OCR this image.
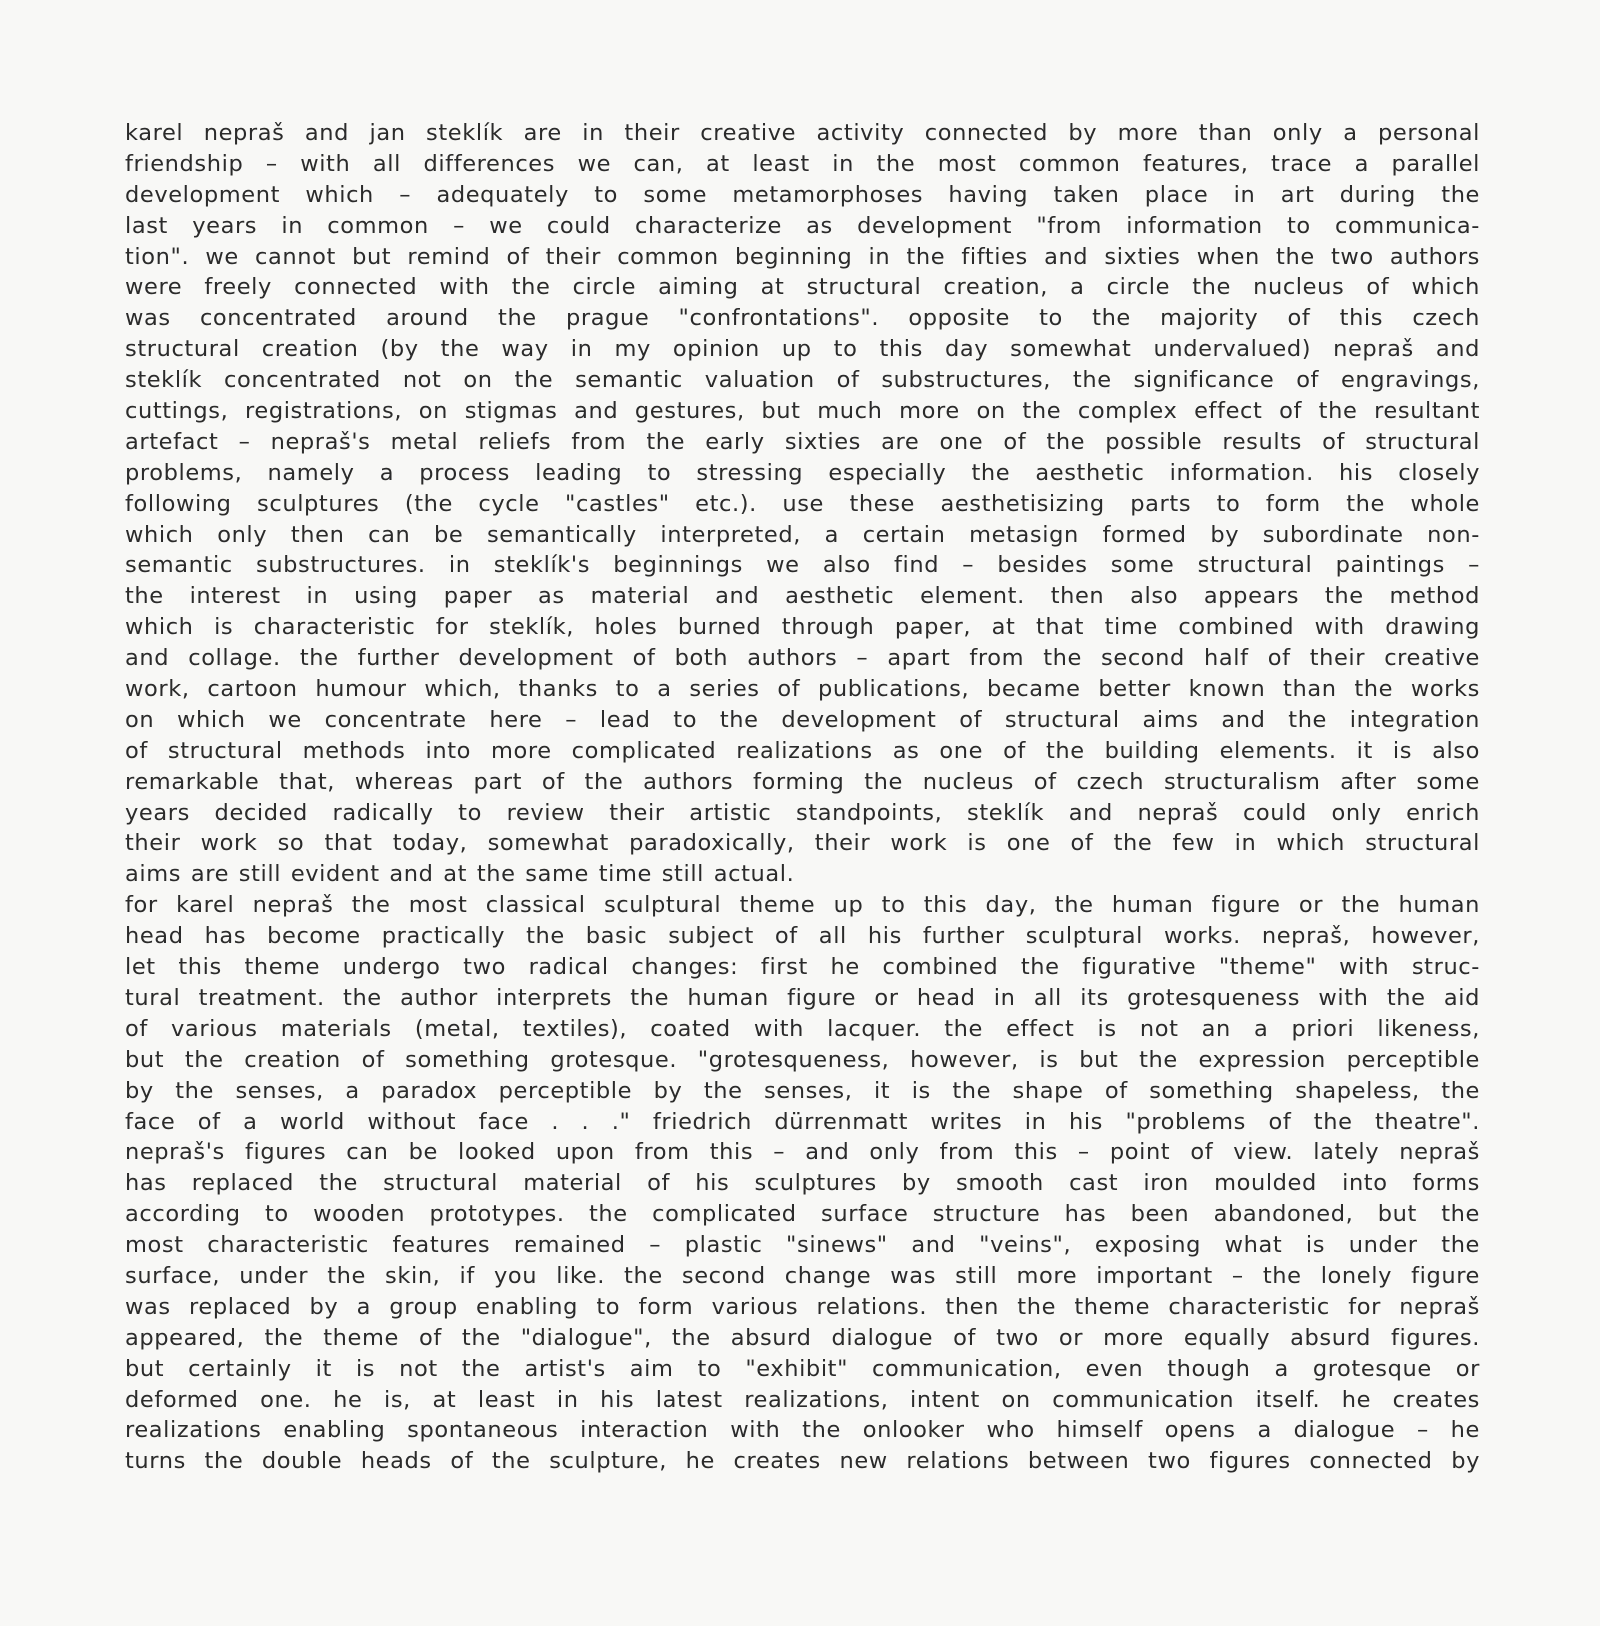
karel nepraš and jan steklík are in their creative activity connected by more than only a personal
friendship – with all differences we can, at least in the most common features, trace a parallel
development which – adequately to some metamorphoses having taken place in art during the
last years in common – we could characterize as development "from information to communica-
tion". we cannot but remind of their common beginning in the fifties and sixties when the two authors
were freely connected with the circle aiming at structural creation, a circle the nucleus of which
was concentrated around the prague "confrontations". opposite to the majority of this czech
structural creation (by the way in my opinion up to this day somewhat undervalued) nepraš and
steklík concentrated not on the semantic valuation of substructures, the significance of engravings,
cuttings, registrations, on stigmas and gestures, but much more on the complex effect of the resultant
artefact – nepraš's metal reliefs from the early sixties are one of the possible results of structural
problems, namely a process leading to stressing especially the aesthetic information. his closely
following sculptures (the cycle "castles" etc.). use these aesthetisizing parts to form the whole
which only then can be semantically interpreted, a certain metasign formed by subordinate non-
semantic substructures. in steklík's beginnings we also find – besides some structural paintings –
the interest in using paper as material and aesthetic element. then also appears the method
which is characteristic for steklík, holes burned through paper, at that time combined with drawing
and collage. the further development of both authors – apart from the second half of their creative
work, cartoon humour which, thanks to a series of publications, became better known than the works
on which we concentrate here – lead to the development of structural aims and the integration
of structural methods into more complicated realizations as one of the building elements. it is also
remarkable that, whereas part of the authors forming the nucleus of czech structuralism after some
years decided radically to review their artistic standpoints, steklík and nepraš could only enrich
their work so that today, somewhat paradoxically, their work is one of the few in which structural
aims are still evident and at the same time still actual.
for karel nepraš the most classical sculptural theme up to this day, the human figure or the human
head has become practically the basic subject of all his further sculptural works. nepraš, however,
let this theme undergo two radical changes: first he combined the figurative "theme" with struc-
tural treatment. the author interprets the human figure or head in all its grotesqueness with the aid
of various materials (metal, textiles), coated with lacquer. the effect is not an a priori likeness,
but the creation of something grotesque. "grotesqueness, however, is but the expression perceptible
by the senses, a paradox perceptible by the senses, it is the shape of something shapeless, the
face of a world without face . . ." friedrich dürrenmatt writes in his "problems of the theatre".
nepraš's figures can be looked upon from this – and only from this – point of view. lately nepraš
has replaced the structural material of his sculptures by smooth cast iron moulded into forms
according to wooden prototypes. the complicated surface structure has been abandoned, but the
most characteristic features remained – plastic "sinews" and "veins", exposing what is under the
surface, under the skin, if you like. the second change was still more important – the lonely figure
was replaced by a group enabling to form various relations. then the theme characteristic for nepraš
appeared, the theme of the "dialogue", the absurd dialogue of two or more equally absurd figures.
but certainly it is not the artist's aim to "exhibit" communication, even though a grotesque or
deformed one. he is, at least in his latest realizations, intent on communication itself. he creates
realizations enabling spontaneous interaction with the onlooker who himself opens a dialogue – he
turns the double heads of the sculpture, he creates new relations between two figures connected by
